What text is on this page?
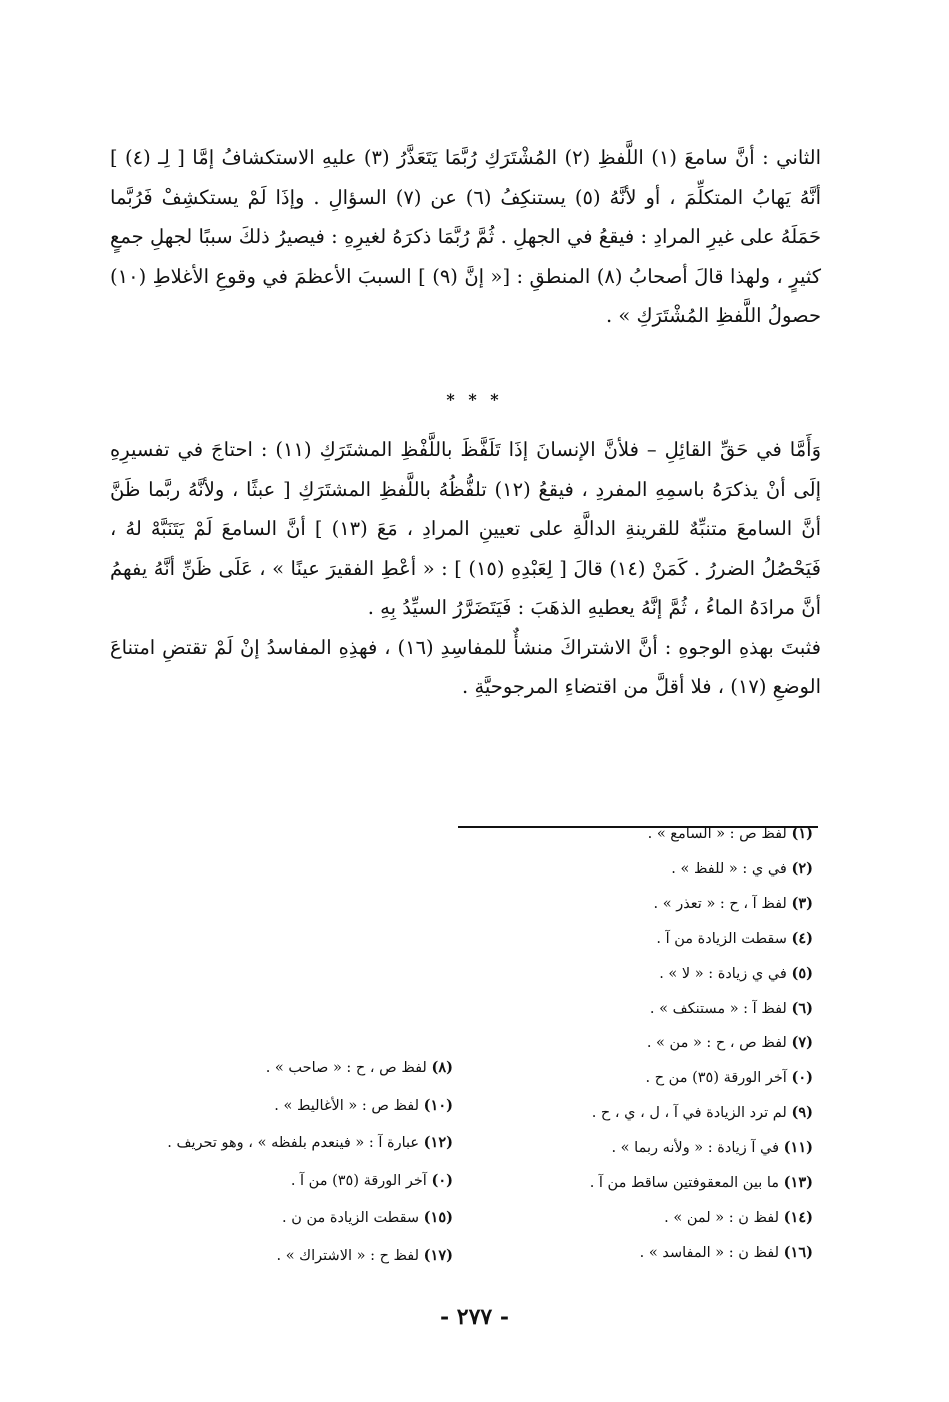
الثاني : أنَّ سامعَ (١) اللَّفظِ (٢) المُشْتَرَكِ رُبَّمَا يَتَعَذَّرُ (٣) عليهِ الاستكشافُ إمَّا [ لِـ (٤) ] أنَّهُ يَهابُ المتكلِّمَ ، أو لأنَّهُ (٥) يستنكِفُ (٦) عن (٧) السؤالِ . وإذَا لَمْ يستكشِفْ فَرُبَّما حَمَلَهُ على غيرِ المرادِ : فيقعُ في الجهلِ . ثُمَّ رُبَّمَا ذكرَهُ لغيرِهِ : فيصيرُ ذلكَ سببًا لجهلِ جمعٍ كثيرٍ ، ولهذا قالَ أصحابُ (٨) المنطقِ : [« إنَّ (٩) ] السببَ الأعظمَ في وقوعِ الأغلاطِ (١٠) حصولُ اللَّفظِ المُشْتَرَكِ » .

* * *

وَأَمَّا في حَقِّ القائِلِ – فلأنَّ الإنسانَ إذَا تَلَفَّظَ باللَّفْظِ المشتَرَكِ (١١) : احتاجَ في تفسيرِهِ إلَى أنْ يذكرَهُ باسمِهِ المفردِ ، فيقعُ (١٢) تلفُّظُهُ باللَّفظِ المشتَرَكِ [ عبثًا ، ولأنَّهُ ربَّما ظَنَّ أنَّ السامعَ متنبِّهٌ للقرينةِ الدالَّةِ على تعيينِ المرادِ ، مَعَ (١٣) ] أنَّ السامعَ لَمْ يَتَنَبَّهْ لهُ ، فَيَحْصُلُ الضررُ . كَمَنْ (١٤) قالَ [ لِعَبْدِهِ (١٥) ] : « أعْطِ الفقيرَ عينًا » ، عَلَى ظَنِّ أنَّهُ يفهمُ أنَّ مرادَهُ الماءُ ، ثُمَّ إنَّهُ يعطيهِ الذهَبَ : فَيَتَضَرَّرُ السيِّدُ بِهِ .

فثبتَ بهذهِ الوجوهِ : أنَّ الاشتراكَ منشأٌ للمفاسِدِ (١٦) ، فهذِهِ المفاسدُ إنْ لَمْ تقتضِ امتناعَ الوضعِ (١٧) ، فلا أقلَّ من اقتضاءِ المرجوحيَّةِ .

(١) لفظ ص : « السامع » .
(٢) في ي : « للفظ » .
(٣) لفظ آ ، ح : « تعذر » .
(٤) سقطت الزيادة من آ .
(٥) في ي زيادة : « لا » .
(٦) لفظ آ : « مستنكف » .
(٧) لفظ ص ، ح : « من » .
(٠) آخر الورقة (٣٥) من ح .
(٩) لم ترد الزيادة في آ ، ل ، ي ، ح .
(١١) في آ زيادة : « ولأنه ربما » .
(١٣) ما بين المعقوفتين ساقط من آ .
(١٤) لفظ ن : « لمن » .
(١٦) لفظ ن : « المفاسد » .
(٨) لفظ ص ، ح : « صاحب » .
(١٠) لفظ ص : « الأغاليط » .
(١٢) عبارة آ : « فينعدم بلفظه » ، وهو تحريف .
(٠) آخر الورقة (٣٥) من آ .
(١٥) سقطت الزيادة من ن .
(١٧) لفظ ح : « الاشتراك » .
- ٢٧٧ -
